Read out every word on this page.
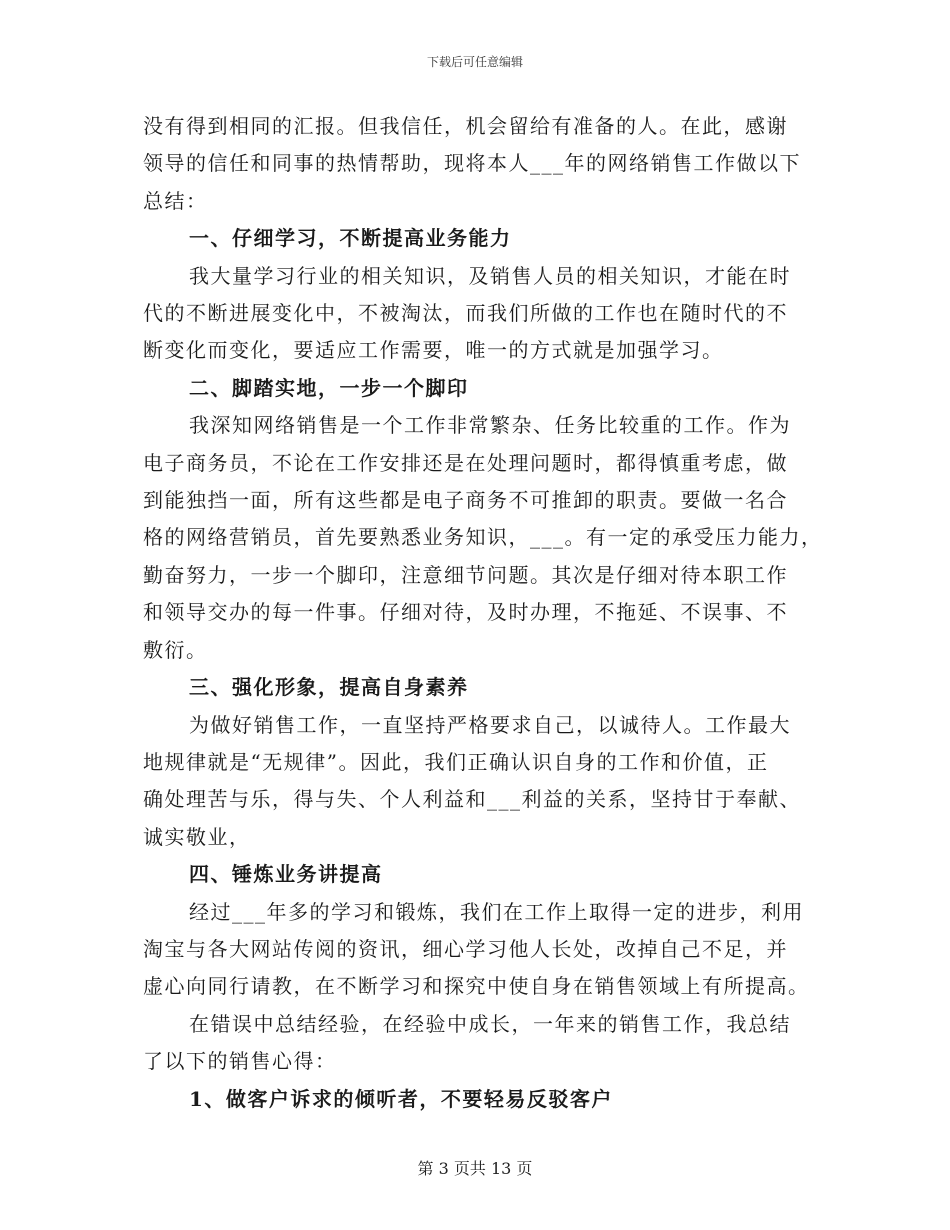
下载后可任意编辑
没有得到相同的汇报。但我信任，机会留给有准备的人。在此，感谢
领导的信任和同事的热情帮助，现将本人___年的网络销售工作做以下
总结：
一、仔细学习，不断提高业务能力
我大量学习行业的相关知识，及销售人员的相关知识，才能在时
代的不断进展变化中，不被淘汰，而我们所做的工作也在随时代的不
断变化而变化，要适应工作需要，唯一的方式就是加强学习。
二、脚踏实地，一步一个脚印
我深知网络销售是一个工作非常繁杂、任务比较重的工作。作为
电子商务员，不论在工作安排还是在处理问题时，都得慎重考虑，做
到能独挡一面，所有这些都是电子商务不可推卸的职责。要做一名合
格的网络营销员，首先要熟悉业务知识，___。有一定的承受压力能力，
勤奋努力，一步一个脚印，注意细节问题。其次是仔细对待本职工作
和领导交办的每一件事。仔细对待，及时办理，不拖延、不误事、不
敷衍。
三、强化形象，提高自身素养
为做好销售工作，一直坚持严格要求自己，以诚待人。工作最大
地规律就是“无规律”。因此，我们正确认识自身的工作和价值，正
确处理苦与乐，得与失、个人利益和___利益的关系，坚持甘于奉献、
诚实敬业，
四、锤炼业务讲提高
经过___年多的学习和锻炼，我们在工作上取得一定的进步，利用
淘宝与各大网站传阅的资讯，细心学习他人长处，改掉自己不足，并
虚心向同行请教，在不断学习和探究中使自身在销售领域上有所提高。
在错误中总结经验，在经验中成长，一年来的销售工作，我总结
了以下的销售心得：
1、做客户诉求的倾听者，不要轻易反驳客户
第 3 页共 13 页
